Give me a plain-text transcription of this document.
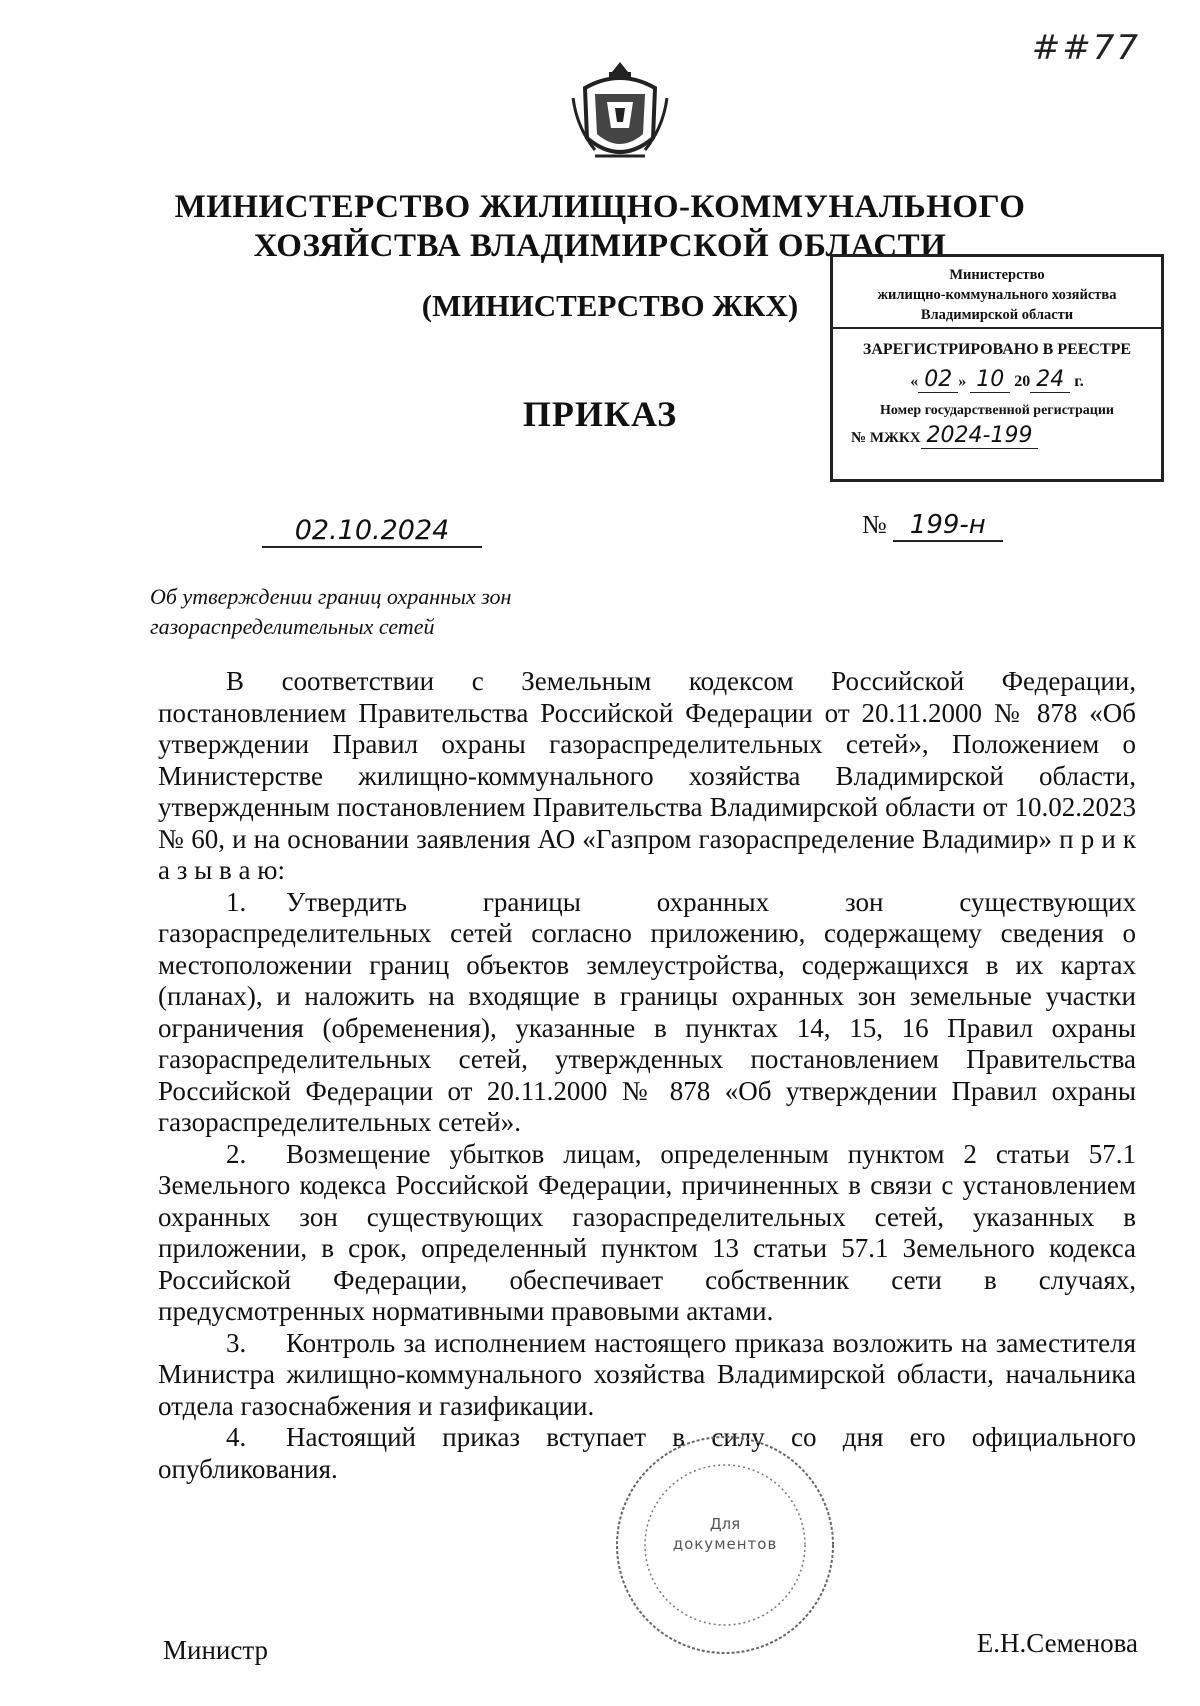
##77
МИНИСТЕРСТВО ЖИЛИЩНО-КОММУНАЛЬНОГО
ХОЗЯЙСТВА ВЛАДИМИРСКОЙ ОБЛАСТИ
(МИНИСТЕРСТВО ЖКХ)
ПРИКАЗ
Министерство
жилищно-коммунального хозяйства
Владимирской области
ЗАРЕГИСТРИРОВАНО В РЕЕСТРЕ
« 02 » 10 20 24 г.
Номер государственной регистрации
№ МЖКХ 2024-199
02.10.2024	№ 199-н
Об утверждении границ охранных зон
газораспределительных сетей

В соответствии с Земельным кодексом Российской Федерации, постановлением Правительства Российской Федерации от 20.11.2000 № 878 «Об утверждении Правил охраны газораспределительных сетей», Положением о Министерстве жилищно-коммунального хозяйства Владимирской области, утвержденным постановлением Правительства Владимирской области от 10.02.2023 № 60, и на основании заявления АО «Газпром газораспределение Владимир» п р и к а з ы в а ю:

1. Утвердить границы охранных зон существующих газораспределительных сетей согласно приложению, содержащему сведения о местоположении границ объектов землеустройства, содержащихся в их картах (планах), и наложить на входящие в границы охранных зон земельные участки ограничения (обременения), указанные в пунктах 14, 15, 16 Правил охраны газораспределительных сетей, утвержденных постановлением Правительства Российской Федерации от 20.11.2000 № 878 «Об утверждении Правил охраны газораспределительных сетей».

2. Возмещение убытков лицам, определенным пунктом 2 статьи 57.1 Земельного кодекса Российской Федерации, причиненных в связи с установлением охранных зон существующих газораспределительных сетей, указанных в приложении, в срок, определенный пунктом 13 статьи 57.1 Земельного кодекса Российской Федерации, обеспечивает собственник сети в случаях, предусмотренных нормативными правовыми актами.

3. Контроль за исполнением настоящего приказа возложить на заместителя Министра жилищно-коммунального хозяйства Владимирской области, начальника отдела газоснабжения и газификации.

4. Настоящий приказ вступает в силу со дня его официального опубликования.

Для
документов
Министр	Е.Н.Семенова
